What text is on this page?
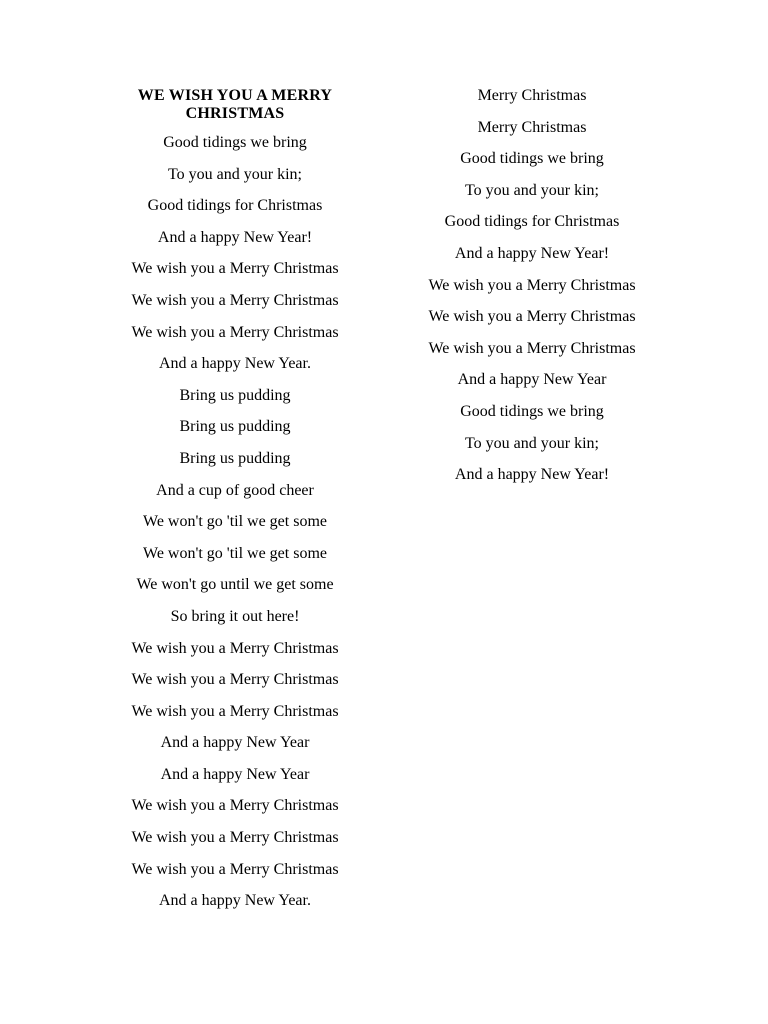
WE WISH YOU A MERRY
CHRISTMAS
Good tidings we bring
To you and your kin;
Good tidings for Christmas
And a happy New Year!
We wish you a Merry Christmas
We wish you a Merry Christmas
We wish you a Merry Christmas
And a happy New Year.
Bring us pudding
Bring us pudding
Bring us pudding
And a cup of good cheer
We won't go 'til we get some
We won't go 'til we get some
We won't go until we get some
So bring it out here!
We wish you a Merry Christmas
We wish you a Merry Christmas
We wish you a Merry Christmas
And a happy New Year
And a happy New Year
We wish you a Merry Christmas
We wish you a Merry Christmas
We wish you a Merry Christmas
And a happy New Year.
Merry Christmas
Merry Christmas
Good tidings we bring
To you and your kin;
Good tidings for Christmas
And a happy New Year!
We wish you a Merry Christmas
We wish you a Merry Christmas
We wish you a Merry Christmas
And a happy New Year
Good tidings we bring
To you and your kin;
And a happy New Year!
